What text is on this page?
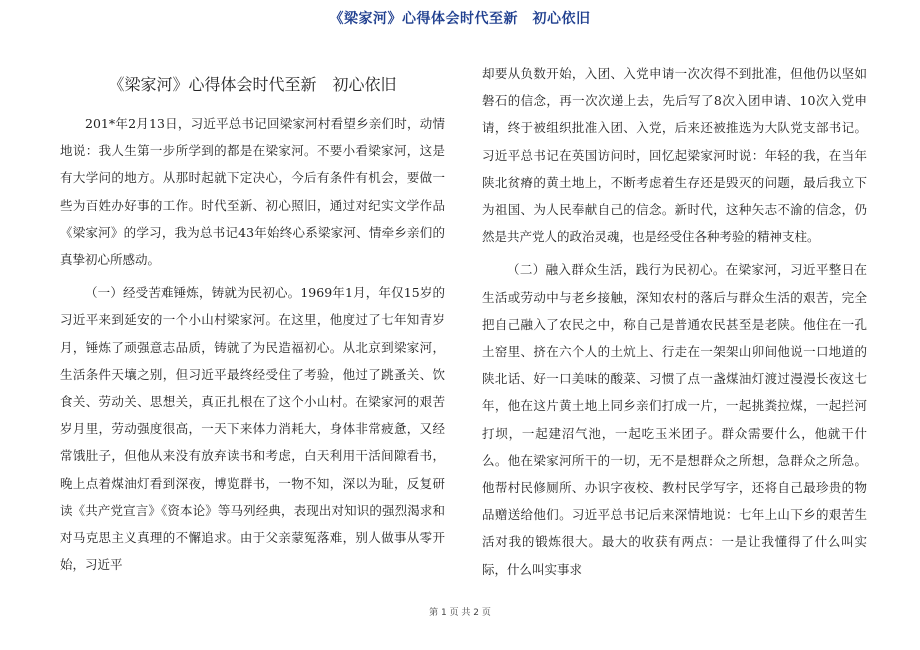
《梁家河》心得体会时代至新　初心依旧
《梁家河》心得体会时代至新　初心依旧

201*年2月13日，习近平总书记回梁家河村看望乡亲们时，动情地说：我人生第一步所学到的都是在梁家河。不要小看梁家河，这是有大学问的地方。从那时起就下定决心，今后有条件有机会，要做一些为百姓办好事的工作。时代至新、初心照旧，通过对纪实文学作品《梁家河》的学习，我为总书记43年始终心系梁家河、情牵乡亲们的真挚初心所感动。

（一）经受苦难锤炼，铸就为民初心。1969年1月，年仅15岁的习近平来到延安的一个小山村梁家河。在这里，他度过了七年知青岁月，锤炼了顽强意志品质，铸就了为民造福初心。从北京到梁家河，生活条件天壤之别，但习近平最终经受住了考验，他过了跳蚤关、饮食关、劳动关、思想关，真正扎根在了这个小山村。在梁家河的艰苦岁月里，劳动强度很高，一天下来体力消耗大，身体非常疲惫，又经常饿肚子，但他从来没有放弃读书和考虑，白天利用干活间隙看书，晚上点着煤油灯看到深夜，博览群书，一物不知，深以为耻，反复研读《共产党宣言》《资本论》等马列经典，表现出对知识的强烈渴求和对马克思主义真理的不懈追求。由于父亲蒙冤落难，别人做事从零开始，习近平

却要从负数开始，入团、入党申请一次次得不到批准，但他仍以坚如磐石的信念，再一次次递上去，先后写了8次入团申请、10次入党申请，终于被组织批准入团、入党，后来还被推选为大队党支部书记。习近平总书记在英国访问时，回忆起梁家河时说：年轻的我，在当年陕北贫瘠的黄土地上，不断考虑着生存还是毁灭的问题，最后我立下为祖国、为人民奉献自己的信念。新时代，这种矢志不渝的信念，仍然是共产党人的政治灵魂，也是经受住各种考验的精神支柱。

（二）融入群众生活，践行为民初心。在梁家河，习近平整日在生活或劳动中与老乡接触，深知农村的落后与群众生活的艰苦，完全把自己融入了农民之中，称自己是普通农民甚至是老陕。他住在一孔土窑里、挤在六个人的土炕上、行走在一架架山卯间他说一口地道的陕北话、好一口美味的酸菜、习惯了点一盏煤油灯渡过漫漫长夜这七年，他在这片黄土地上同乡亲们打成一片，一起挑粪拉煤，一起拦河打坝，一起建沼气池，一起吃玉米团子。群众需要什么，他就干什么。他在梁家河所干的一切，无不是想群众之所想，急群众之所急。他帮村民修厕所、办识字夜校、教村民学写字，还将自己最珍贵的物品赠送给他们。习近平总书记后来深情地说：七年上山下乡的艰苦生活对我的锻炼很大。最大的收获有两点：一是让我懂得了什么叫实际，什么叫实事求

第 1 页 共 2 页
